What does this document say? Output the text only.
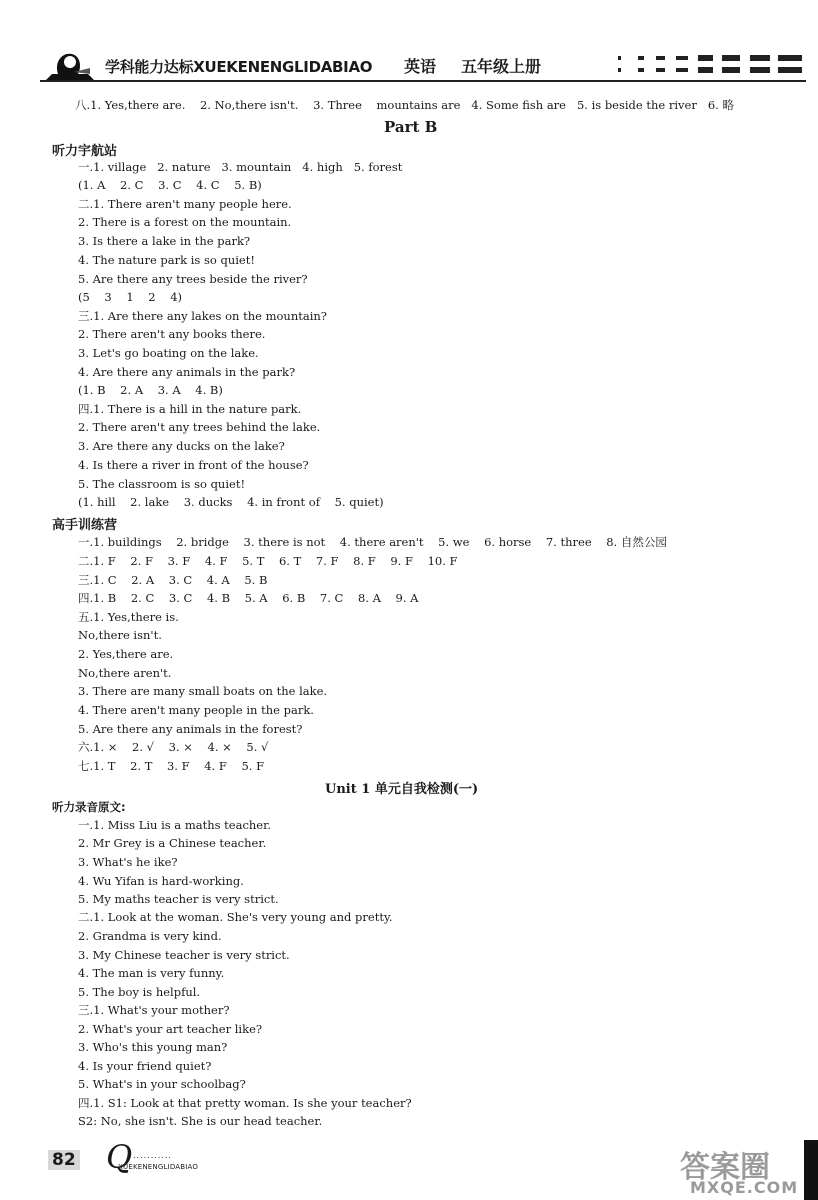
学科能力达标XUEKENENGLIDABIAO 英语 五年级上册
八.1. Yes,there are.    2. No,there isn't.    3. Three    mountains are   4. Some fish are   5. is beside the river   6. 略
Part B
听力宇航站
一.1. village   2. nature   3. mountain   4. high   5. forest
(1. A    2. C    3. C    4. C    5. B)
二.1. There aren't many people here.
2. There is a forest on the mountain.
3. Is there a lake in the park?
4. The nature park is so quiet!
5. Are there any trees beside the river?
(5    3    1    2    4)
三.1. Are there any lakes on the mountain?
2. There aren't any books there.
3. Let's go boating on the lake.
4. Are there any animals in the park?
(1. B    2. A    3. A    4. B)
四.1. There is a hill in the nature park.
2. There aren't any trees behind the lake.
3. Are there any ducks on the lake?
4. Is there a river in front of the house?
5. The classroom is so quiet!
(1. hill    2. lake    3. ducks    4. in front of    5. quiet)
高手训练营
一.1. buildings    2. bridge    3. there is not    4. there aren't    5. we    6. horse    7. three    8. 自然公园
二.1. F    2. F    3. F    4. F    5. T    6. T    7. F    8. F    9. F    10. F
三.1. C    2. A    3. C    4. A    5. B
四.1. B    2. C    3. C    4. B    5. A    6. B    7. C    8. A    9. A
五.1. Yes,there is.
No,there isn't.
2. Yes,there are.
No,there aren't.
3. There are many small boats on the lake.
4. There aren't many people in the park.
5. Are there any animals in the forest?
六.1. ×    2. √    3. ×    4. ×    5. √
七.1. T    2. T    3. F    4. F    5. F
Unit 1 单元自我检测(一)
听力录音原文:
一.1. Miss Liu is a maths teacher.
2. Mr Grey is a Chinese teacher.
3. What's he ike?
4. Wu Yifan is hard-working.
5. My maths teacher is very strict.
二.1. Look at the woman. She's very young and pretty.
2. Grandma is very kind.
3. My Chinese teacher is very strict.
4. The man is very funny.
5. The boy is helpful.
三.1. What's your mother?
2. What's your art teacher like?
3. Who's this young man?
4. Is your friend quiet?
5. What's in your schoolbag?
四.1. S1: Look at that pretty woman. Is she your teacher?
S2: No, she isn't. She is our head teacher.
82 Q ...........
XUEKENENGLIDABIAO	答案圈
MXQE.COM
